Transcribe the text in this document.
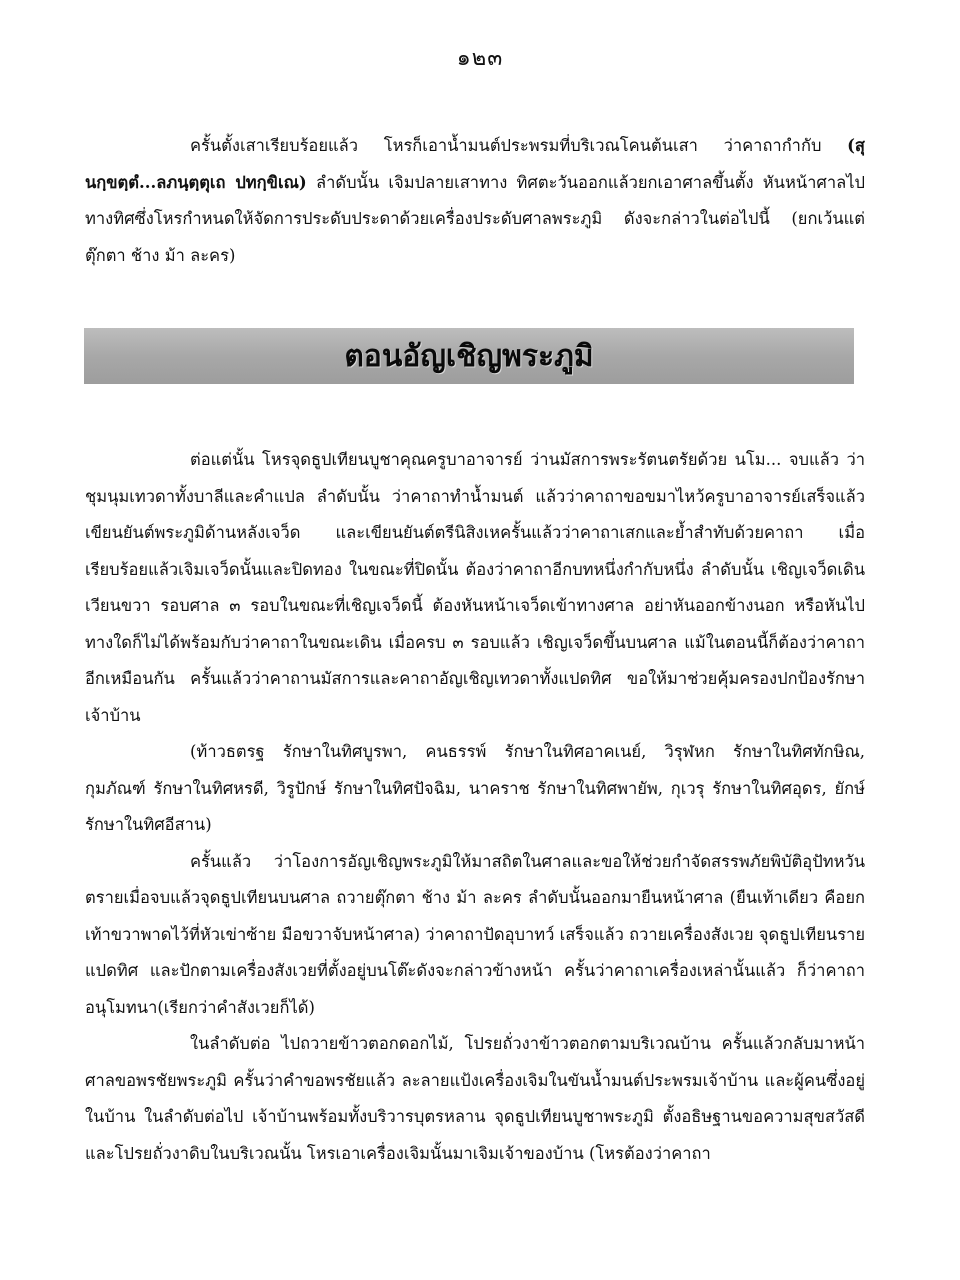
๑๒๓

ครั้นตั้งเสาเรียบร้อยแล้ว โหรก็เอาน้ำมนต์ประพรมที่บริเวณโคนต้นเสา ว่าคาถากำกับ (สุนกฺขตฺตํ...ลภนฺตฺตุเถ ปทกฺขิเณ) ลำดับนั้น เจิมปลายเสาทาง ทิศตะวันออกแล้วยกเอาศาลขึ้นตั้ง หันหน้าศาลไปทางทิศซึ่งโหรกำหนดให้จัดการประดับประดาด้วยเครื่องประดับศาลพระภูมิ ดังจะกล่าวในต่อไปนี้ (ยกเว้นแต่ตุ๊กตา ช้าง ม้า ละคร)

ตอนอัญเชิญพระภูมิ

ต่อแต่นั้น โหรจุดธูปเทียนบูชาคุณครูบาอาจารย์ ว่านมัสการพระรัตนตรัยด้วย นโม... จบแล้ว ว่าชุมนุมเทวดาทั้งบาลีและคำแปล ลำดับนั้น ว่าคาถาทำน้ำมนต์ แล้วว่าคาถาขอขมาไหว้ครูบาอาจารย์เสร็จแล้ว เขียนยันต์พระภูมิด้านหลังเจว็ด และเขียนยันต์ตรีนิสิงเหครั้นแล้วว่าคาถาเสกและย้ำสำทับด้วยคาถา เมื่อเรียบร้อยแล้วเจิมเจว็ดนั้นและปิดทอง ในขณะที่ปิดนั้น ต้องว่าคาถาอีกบทหนึ่งกำกับหนึ่ง ลำดับนั้น เชิญเจว็ดเดินเวียนขวา รอบศาล ๓ รอบในขณะที่เชิญเจว็ดนี้ ต้องหันหน้าเจว็ดเข้าทางศาล อย่าหันออกข้างนอก หรือหันไปทางใดก็ไม่ได้พร้อมกับว่าคาถาในขณะเดิน เมื่อครบ ๓ รอบแล้ว เชิญเจว็ดขึ้นบนศาล แม้ในตอนนี้ก็ต้องว่าคาถาอีกเหมือนกัน ครั้นแล้วว่าคาถานมัสการและคาถาอัญเชิญเทวดาทั้งแปดทิศ ขอให้มาช่วยคุ้มครองปกป้องรักษาเจ้าบ้าน

(ท้าวธตรฐ รักษาในทิศบูรพา, คนธรรพ์ รักษาในทิศอาคเนย์, วิรุฬหก รักษาในทิศทักษิณ, กุมภัณฑ์ รักษาในทิศหรดี, วิรูปักษ์ รักษาในทิศปัจฉิม, นาคราช รักษาในทิศพายัพ, กุเวรุ รักษาในทิศอุดร, ยักษ์ รักษาในทิศอีสาน)

ครั้นแล้ว ว่าโองการอัญเชิญพระภูมิให้มาสถิตในศาลและขอให้ช่วยกำจัดสรรพภัยพิบัติอุปัทหวันตรายเมื่อจบแล้วจุดธูปเทียนบนศาล ถวายตุ๊กตา ช้าง ม้า ละคร ลำดับนั้นออกมายืนหน้าศาล (ยืนเท้าเดียว คือยกเท้าขวาพาดไว้ที่หัวเข่าซ้าย มือขวาจับหน้าศาล) ว่าคาถาปัดอุบาทว์ เสร็จแล้ว ถวายเครื่องสังเวย จุดธูปเทียนรายแปดทิศ และปักตามเครื่องสังเวยที่ตั้งอยู่บนโต๊ะดังจะกล่าวข้างหน้า ครั้นว่าคาถาเครื่องเหล่านั้นแล้ว ก็ว่าคาถาอนุโมทนา(เรียกว่าคำสังเวยก็ได้)

ในลำดับต่อ ไปถวายข้าวตอกดอกไม้, โปรยถั่วงาข้าวตอกตามบริเวณบ้าน ครั้นแล้วกลับมาหน้าศาลขอพรชัยพระภูมิ ครั้นว่าคำขอพรชัยแล้ว ละลายแป้งเครื่องเจิมในขันน้ำมนต์ประพรมเจ้าบ้าน และผู้คนซึ่งอยู่ในบ้าน ในลำดับต่อไป เจ้าบ้านพร้อมทั้งบริวารบุตรหลาน จุดธูปเทียนบูชาพระภูมิ ตั้งอธิษฐานขอความสุขสวัสดี และโปรยถั่วงาดิบในบริเวณนั้น โหรเอาเครื่องเจิมนั้นมาเจิมเจ้าของบ้าน (โหรต้องว่าคาถา
